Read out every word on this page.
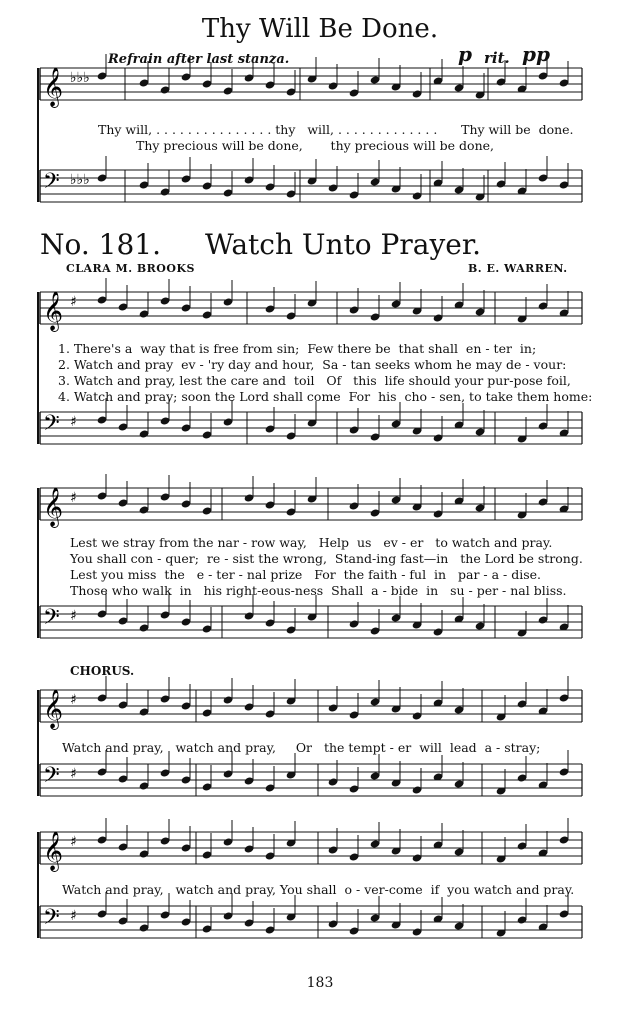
Thy Will Be Done.
Refrain after last stanza.	p rit. pp
𝄞 ♭♭♭
𝄢 ♭♭♭
𝄞 ♯
𝄢 ♯
𝄞 ♯
𝄢 ♯
𝄞 ♯
𝄢 ♯
𝄞 ♯
𝄢 ♯
Thy will, . . . . . . . . . . . . . . . thy   will, . . . . . . . . . . . . .      Thy will be  done.
Thy precious will be done,       thy precious will be done,
No. 181. Watch Unto Prayer.
CLARA M. BROOKS	B. E. WARREN.
1. There's a  way that is free from sin;  Few there be  that shall  en - ter  in;
2. Watch and pray  ev - 'ry day and hour,  Sa - tan seeks whom he may de - vour:
3. Watch and pray, lest the care and  toil   Of   this  life should your pur-pose foil,
4. Watch and pray; soon the Lord shall come  For  his  cho - sen, to take them home:
Lest we stray from the nar - row way,   Help  us   ev - er   to watch and pray.
You shall con - quer;  re - sist the wrong,  Stand-ing fast—in   the Lord be strong.
Lest you miss  the   e - ter - nal prize   For  the faith - ful  in   par - a - dise.
Those who walk  in   his right-eous-ness  Shall  a - bide  in   su - per - nal bliss.
CHORUS.
Watch and pray,   watch and pray,     Or   the tempt - er  will  lead  a - stray;
Watch and pray,   watch and pray, You shall  o - ver-come  if  you watch and pray.
183
